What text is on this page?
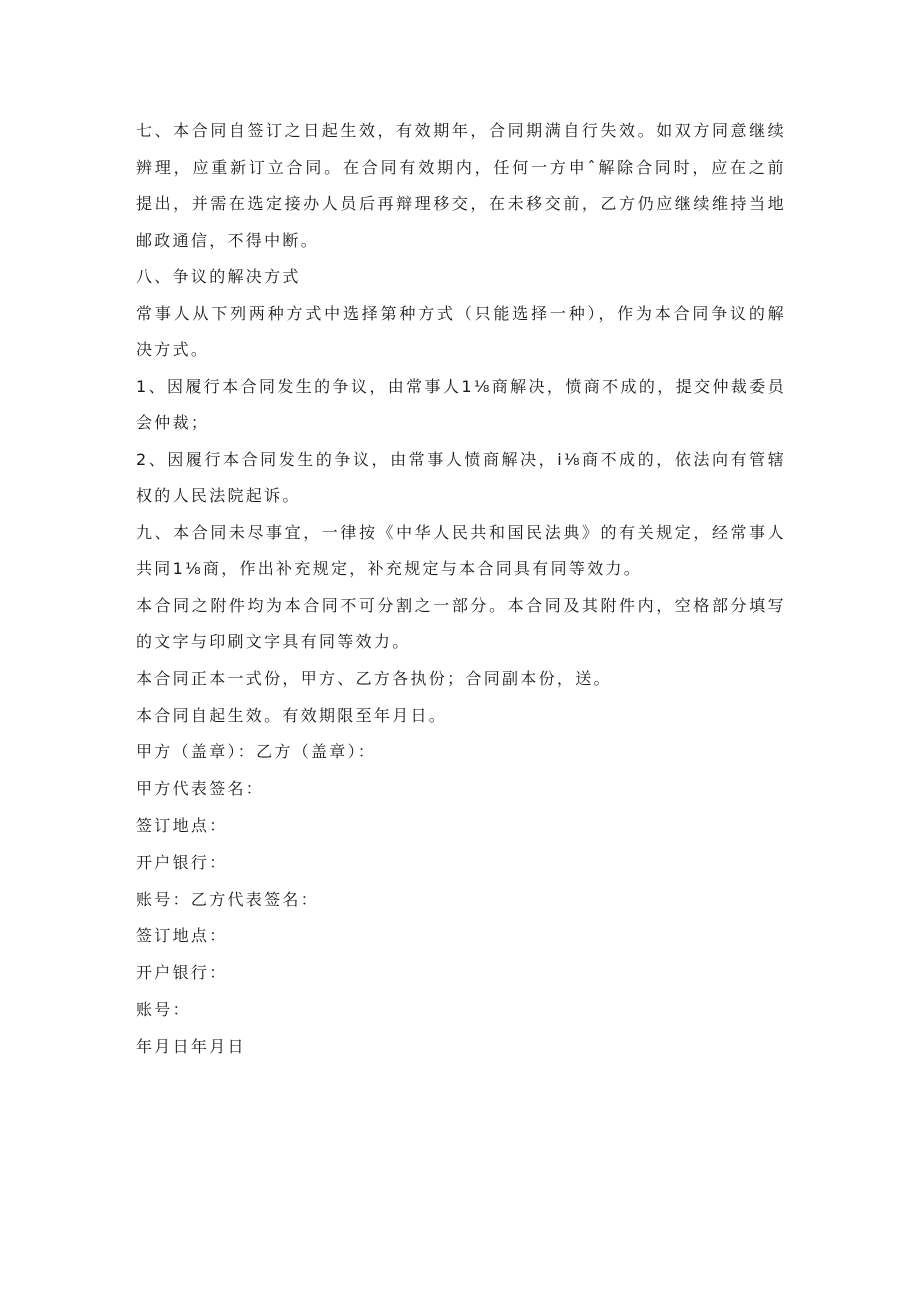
七、本合同自签订之日起生效，有效期年，合同期满自行失效。如双方同意继续辨理，应重新订立合同。在合同有效期内，任何一方申ˆ解除合同时，应在之前提出，并需在选定接办人员后再辩理移交，在未移交前，乙方仍应继续维持当地邮政通信，不得中断。

八、争议的解决方式

常事人从下列两种方式中选择第种方式（只能选择一种），作为本合同争议的解决方式。

1、因履行本合同发生的争议，由常事人1⅛商解决，愤商不成的，提交仲裁委员会仲裁；

2、因履行本合同发生的争议，由常事人愤商解决，i⅛商不成的，依法向有管辖权的人民法院起诉。

九、本合同未尽事宜，一律按《中华人民共和国民法典》的有关规定，经常事人共同1⅛商，作出补充规定，补充规定与本合同具有同等效力。

本合同之附件均为本合同不可分割之一部分。本合同及其附件内，空格部分填写的文字与印刷文字具有同等效力。

本合同正本一式份，甲方、乙方各执份；合同副本份，送。

本合同自起生效。有效期限至年月日。

甲方（盖章）：乙方（盖章）：

甲方代表签名：

签订地点：

开户银行：

账号：乙方代表签名：

签订地点：

开户银行：

账号：

年月日年月日
